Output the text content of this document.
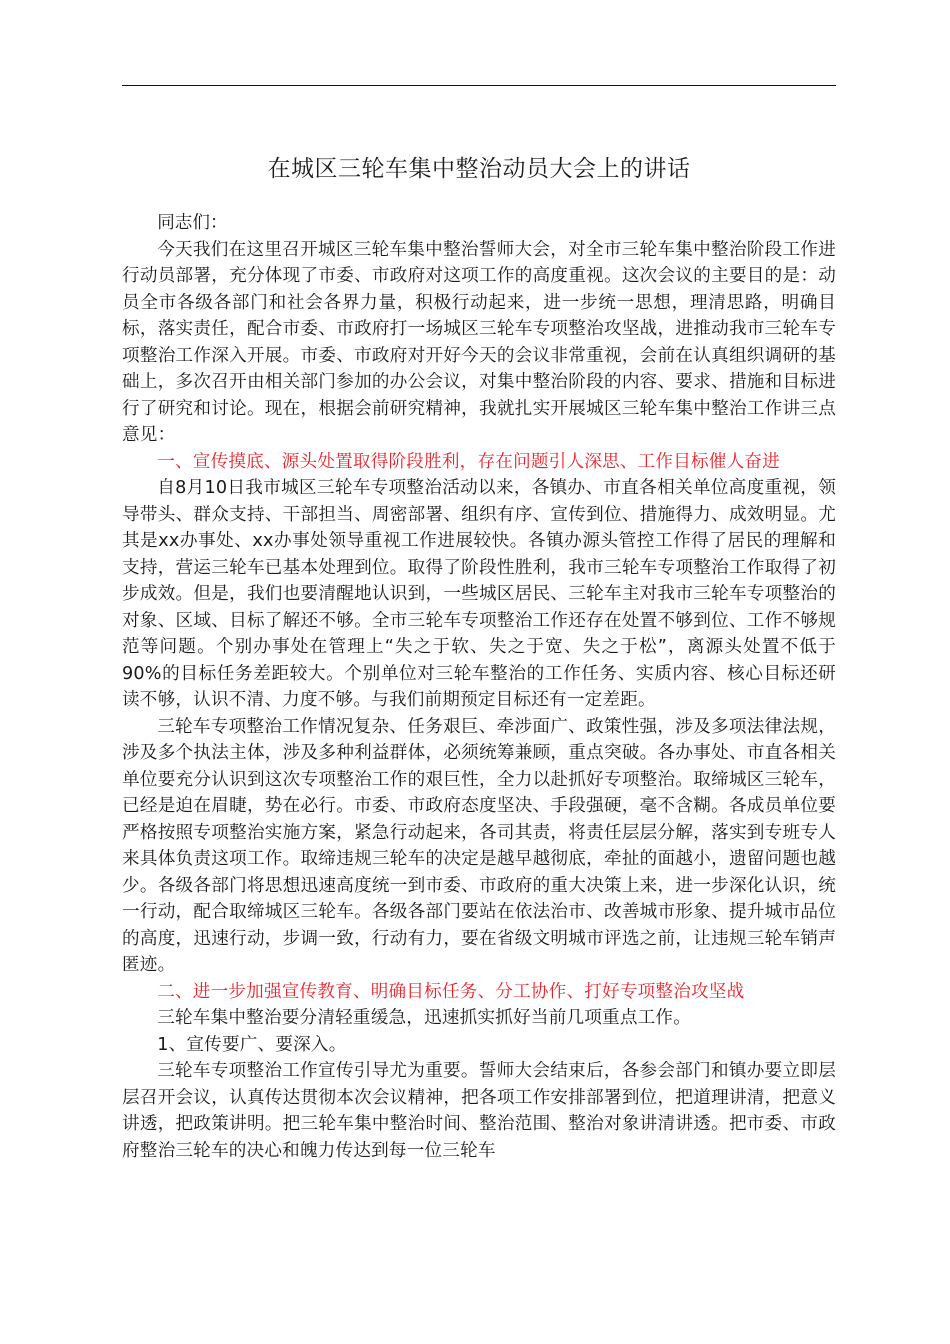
在城区三轮车集中整治动员大会上的讲话

同志们：

今天我们在这里召开城区三轮车集中整治誓师大会，对全市三轮车集中整治阶段工作进行动员部署，充分体现了市委、市政府对这项工作的高度重视。这次会议的主要目的是：动员全市各级各部门和社会各界力量，积极行动起来，进一步统一思想，理清思路，明确目标，落实责任，配合市委、市政府打一场城区三轮车专项整治攻坚战，进推动我市三轮车专项整治工作深入开展。市委、市政府对开好今天的会议非常重视，会前在认真组织调研的基础上，多次召开由相关部门参加的办公会议，对集中整治阶段的内容、要求、措施和目标进行了研究和讨论。现在，根据会前研究精神，我就扎实开展城区三轮车集中整治工作讲三点意见：

一、宣传摸底、源头处置取得阶段胜利，存在问题引人深思、工作目标催人奋进

自8月10日我市城区三轮车专项整治活动以来，各镇办、市直各相关单位高度重视，领导带头、群众支持、干部担当、周密部署、组织有序、宣传到位、措施得力、成效明显。尤其是xx办事处、xx办事处领导重视工作进展较快。各镇办源头管控工作得了居民的理解和支持，营运三轮车已基本处理到位。取得了阶段性胜利，我市三轮车专项整治工作取得了初步成效。但是，我们也要清醒地认识到，一些城区居民、三轮车主对我市三轮车专项整治的对象、区域、目标了解还不够。全市三轮车专项整治工作还存在处置不够到位、工作不够规范等问题。个别办事处在管理上“失之于软、失之于宽、失之于松”，离源头处置不低于90%的目标任务差距较大。个别单位对三轮车整治的工作任务、实质内容、核心目标还研读不够，认识不清、力度不够。与我们前期预定目标还有一定差距。

三轮车专项整治工作情况复杂、任务艰巨、牵涉面广、政策性强，涉及多项法律法规，涉及多个执法主体，涉及多种利益群体，必须统筹兼顾，重点突破。各办事处、市直各相关单位要充分认识到这次专项整治工作的艰巨性，全力以赴抓好专项整治。取缔城区三轮车，已经是迫在眉睫，势在必行。市委、市政府态度坚决、手段强硬，毫不含糊。各成员单位要严格按照专项整治实施方案，紧急行动起来，各司其责，将责任层层分解，落实到专班专人来具体负责这项工作。取缔违规三轮车的决定是越早越彻底，牵扯的面越小，遗留问题也越少。各级各部门将思想迅速高度统一到市委、市政府的重大决策上来，进一步深化认识，统一行动，配合取缔城区三轮车。各级各部门要站在依法治市、改善城市形象、提升城市品位的高度，迅速行动，步调一致，行动有力，要在省级文明城市评选之前，让违规三轮车销声匿迹。

二、进一步加强宣传教育、明确目标任务、分工协作、打好专项整治攻坚战

三轮车集中整治要分清轻重缓急，迅速抓实抓好当前几项重点工作。

1、宣传要广、要深入。

三轮车专项整治工作宣传引导尤为重要。誓师大会结束后，各参会部门和镇办要立即层层召开会议，认真传达贯彻本次会议精神，把各项工作安排部署到位，把道理讲清，把意义讲透，把政策讲明。把三轮车集中整治时间、整治范围、整治对象讲清讲透。把市委、市政府整治三轮车的决心和魄力传达到每一位三轮车
